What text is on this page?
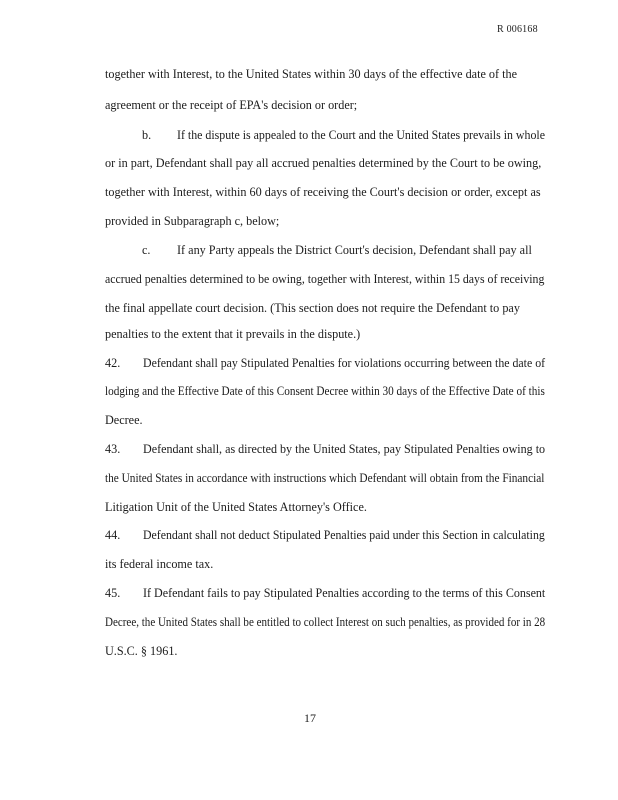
R 006168
together with Interest, to the United States within 30 days of the effective date of the
agreement or the receipt of EPA's decision or order;
b. If the dispute is appealed to the Court and the United States prevails in whole
or in part, Defendant shall pay all accrued penalties determined by the Court to be owing,
together with Interest, within 60 days of receiving the Court's decision or order, except as
provided in Subparagraph c, below;
c. If any Party appeals the District Court's decision, Defendant shall pay all
accrued penalties determined to be owing, together with Interest, within 15 days of receiving
the final appellate court decision. (This section does not require the Defendant to pay
penalties to the extent that it prevails in the dispute.)
42. Defendant shall pay Stipulated Penalties for violations occurring between the date of
lodging and the Effective Date of this Consent Decree within 30 days of the Effective Date of this
Decree.
43. Defendant shall, as directed by the United States, pay Stipulated Penalties owing to
the United States in accordance with instructions which Defendant will obtain from the Financial
Litigation Unit of the United States Attorney's Office.
44. Defendant shall not deduct Stipulated Penalties paid under this Section in calculating
its federal income tax.
45. If Defendant fails to pay Stipulated Penalties according to the terms of this Consent
Decree, the United States shall be entitled to collect Interest on such penalties, as provided for in 28
U.S.C. § 1961.
17
